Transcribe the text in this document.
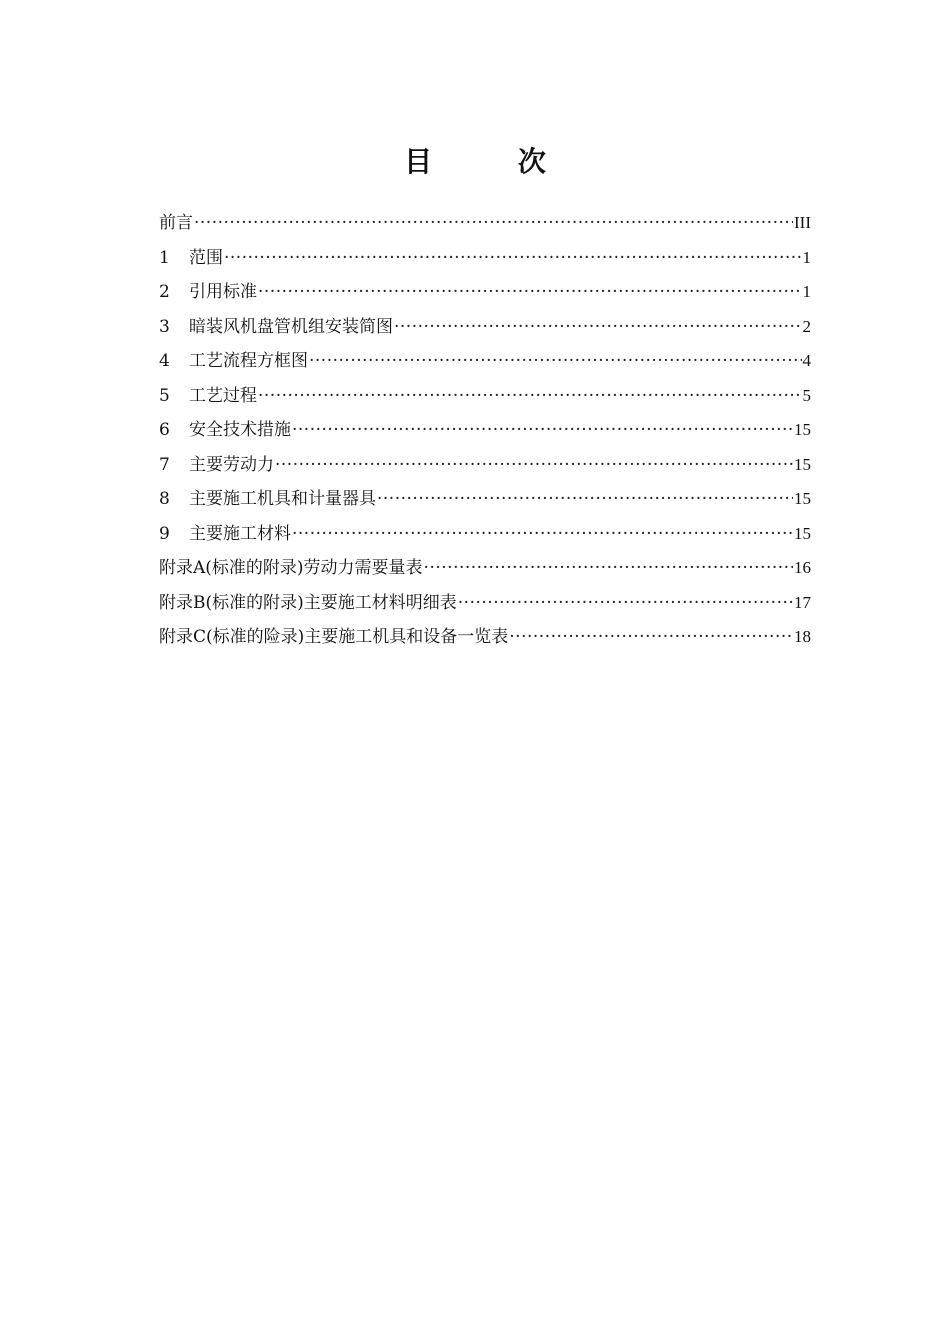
目 次
前言 ·····	III
1	范围 ·····	1
2	引用标准 ·····	1
3	暗装风机盘管机组安装简图 ·····	2
4	工艺流程方框图 ·····	4
5	工艺过程 ·····	5
6	安全技术措施 ·····	15
7	主要劳动力 ·····	15
8	主要施工机具和计量器具 ·····	15
9	主要施工材料 ·····	15
附录A(标准的附录)劳动力需要量表 ·····	16
附录B(标准的附录)主要施工材料明细表 ·····	17
附录C(标准的险录)主要施工机具和设备一览表 ·····	18
